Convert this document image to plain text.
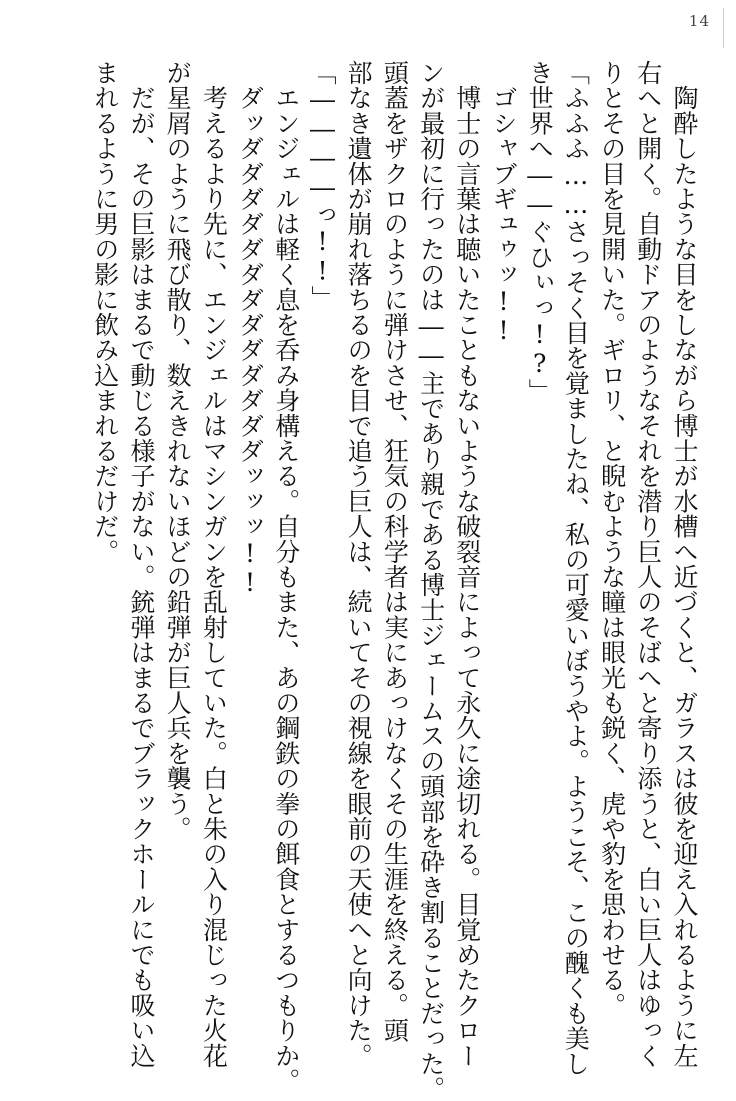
14

　陶酔したような目をしながら博士が水槽へ近づくと、ガラスは彼を迎え入れるように左

右へと開く。自動ドアのようなそれを潜り巨人のそばへと寄り添うと、白い巨人はゆっく

りとその目を見開いた。ギロリ、と睨むような瞳は眼光も鋭く、虎や豹を思わせる。

「ふふふ……さっそく目を覚ましたね、私の可愛いぼうやよ。ようこそ、この醜くも美し

き世界へ――ぐひぃっ!?」

　ゴシャブギュゥッ!!

　博士の言葉は聴いたこともないような破裂音によって永久に途切れる。目覚めたクロー

ンが最初に行ったのは――主であり親である博士ジェームスの頭部を砕き割ることだった。

頭蓋をザクロのように弾けさせ、狂気の科学者は実にあっけなくその生涯を終える。頭

部なき遺体が崩れ落ちるのを目で追う巨人は、続いてその視線を眼前の天使へと向けた。

「――――っ!!」

　エンジェルは軽く息を呑み身構える。自分もまた、あの鋼鉄の拳の餌食とするつもりか。

　ダッダダダダダダダダダダダダダッッッ!!

　考えるより先に、エンジェルはマシンガンを乱射していた。白と朱の入り混じった火花

が星屑のように飛び散り、数えきれないほどの鉛弾が巨人兵を襲う。

　だが、その巨影はまるで動じる様子がない。銃弾はまるでブラックホールにでも吸い込

まれるように男の影に飲み込まれるだけだ。
